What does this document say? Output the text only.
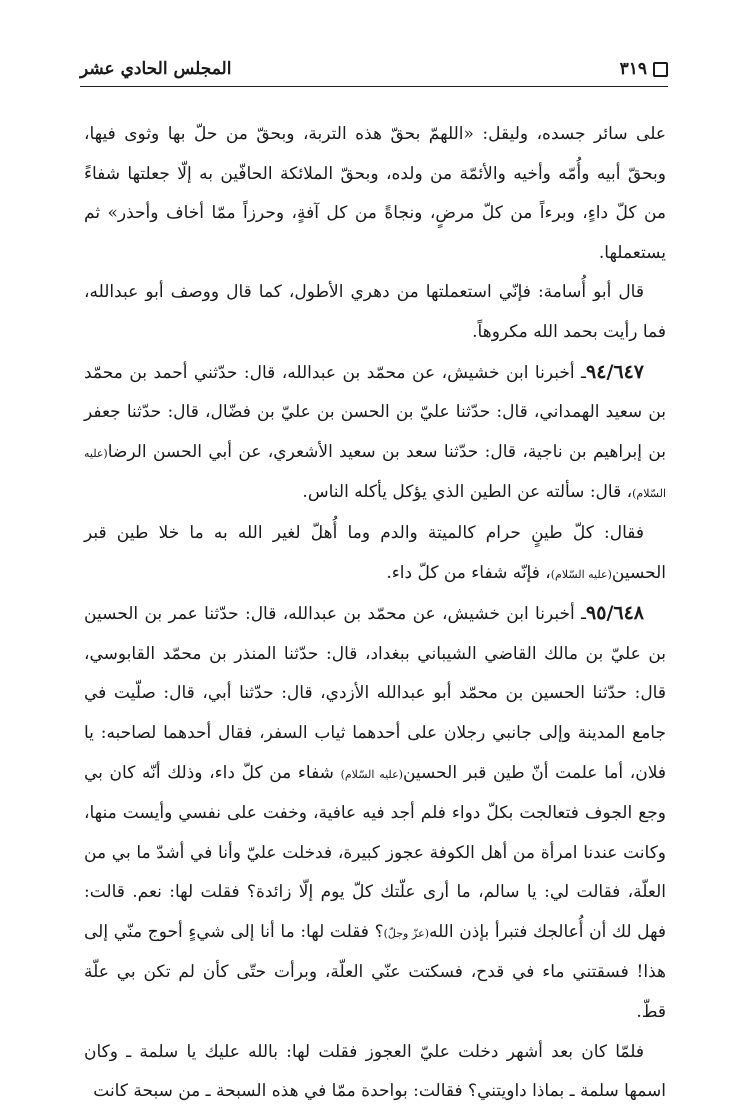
المجلس الحادي عشر	٣١٩

على سائر جسده، وليقل: «اللهمّ بحقّ هذه التربة، وبحقّ من حلّ بها وثوى فيها، وبحقّ أبيه وأُمّه وأخيه والأئمّة من ولده، وبحقّ الملائكة الحافّين به إلّا جعلتها شفاءً من كلّ داءٍ، وبرءاً من كلّ مرضٍ، ونجاةً من كل آفةٍ، وحرزاً ممّا أخاف وأحذر» ثم يستعملها.

قال أبو أُسامة: فإنّي استعملتها من دهري الأطول، كما قال ووصف أبو عبدالله، فما رأيت بحمد الله مكروهاً.

٩٤/٦٤٧ـ أخبرنا ابن خشيش، عن محمّد بن عبدالله، قال: حدّثني أحمد بن محمّد بن سعيد الهمداني، قال: حدّثنا عليّ بن الحسن بن عليّ بن فضّال، قال: حدّثنا جعفر بن إبراهيم بن ناجية، قال: حدّثنا سعد بن سعيد الأشعري، عن أبي الحسن الرضا(عليه السّلام)، قال: سألته عن الطين الذي يؤكل يأكله الناس.

فقال: كلّ طينٍ حرام كالميتة والدم وما أُهلّ لغير الله به ما خلا طين قبر الحسين(عليه السّلام)، فإنّه شفاء من كلّ داء.

٩٥/٦٤٨ـ أخبرنا ابن خشيش، عن محمّد بن عبدالله، قال: حدّثنا عمر بن الحسين بن عليّ بن مالك القاضي الشيباني ببغداد، قال: حدّثنا المنذر بن محمّد القابوسي، قال: حدّثنا الحسين بن محمّد أبو عبدالله الأزدي، قال: حدّثنا أبي، قال: صلّيت في جامع المدينة وإلى جانبي رجلان على أحدهما ثياب السفر، فقال أحدهما لصاحبه: يا فلان، أما علمت أنّ طين قبر الحسين(عليه السّلام) شفاء من كلّ داء، وذلك أنّه كان بي وجع الجوف فتعالجت بكلّ دواء فلم أجد فيه عافية، وخفت على نفسي وأيست منها، وكانت عندنا امرأة من أهل الكوفة عجوز كبيرة، فدخلت عليّ وأنا في أشدّ ما بي من العلّة، فقالت لي: يا سالم، ما أرى علّتك كلّ يوم إلّا زائدة؟ فقلت لها: نعم. قالت: فهل لك أن أُعالجك فتبرأ بإذن الله(عزّ وجلّ)؟ فقلت لها: ما أنا إلى شيءٍ أحوج منّي إلى هذا! فسقتني ماء في قدح، فسكتت عنّي العلّة، وبرأت حتّى كأن لم تكن بي علّة قطّ.

فلمّا كان بعد أشهر دخلت عليّ العجوز فقلت لها: بالله عليك يا سلمة ـ وكان اسمها سلمة ـ بماذا داويتني؟ فقالت: بواحدة ممّا في هذه السبحة ـ من سبحة كانت
